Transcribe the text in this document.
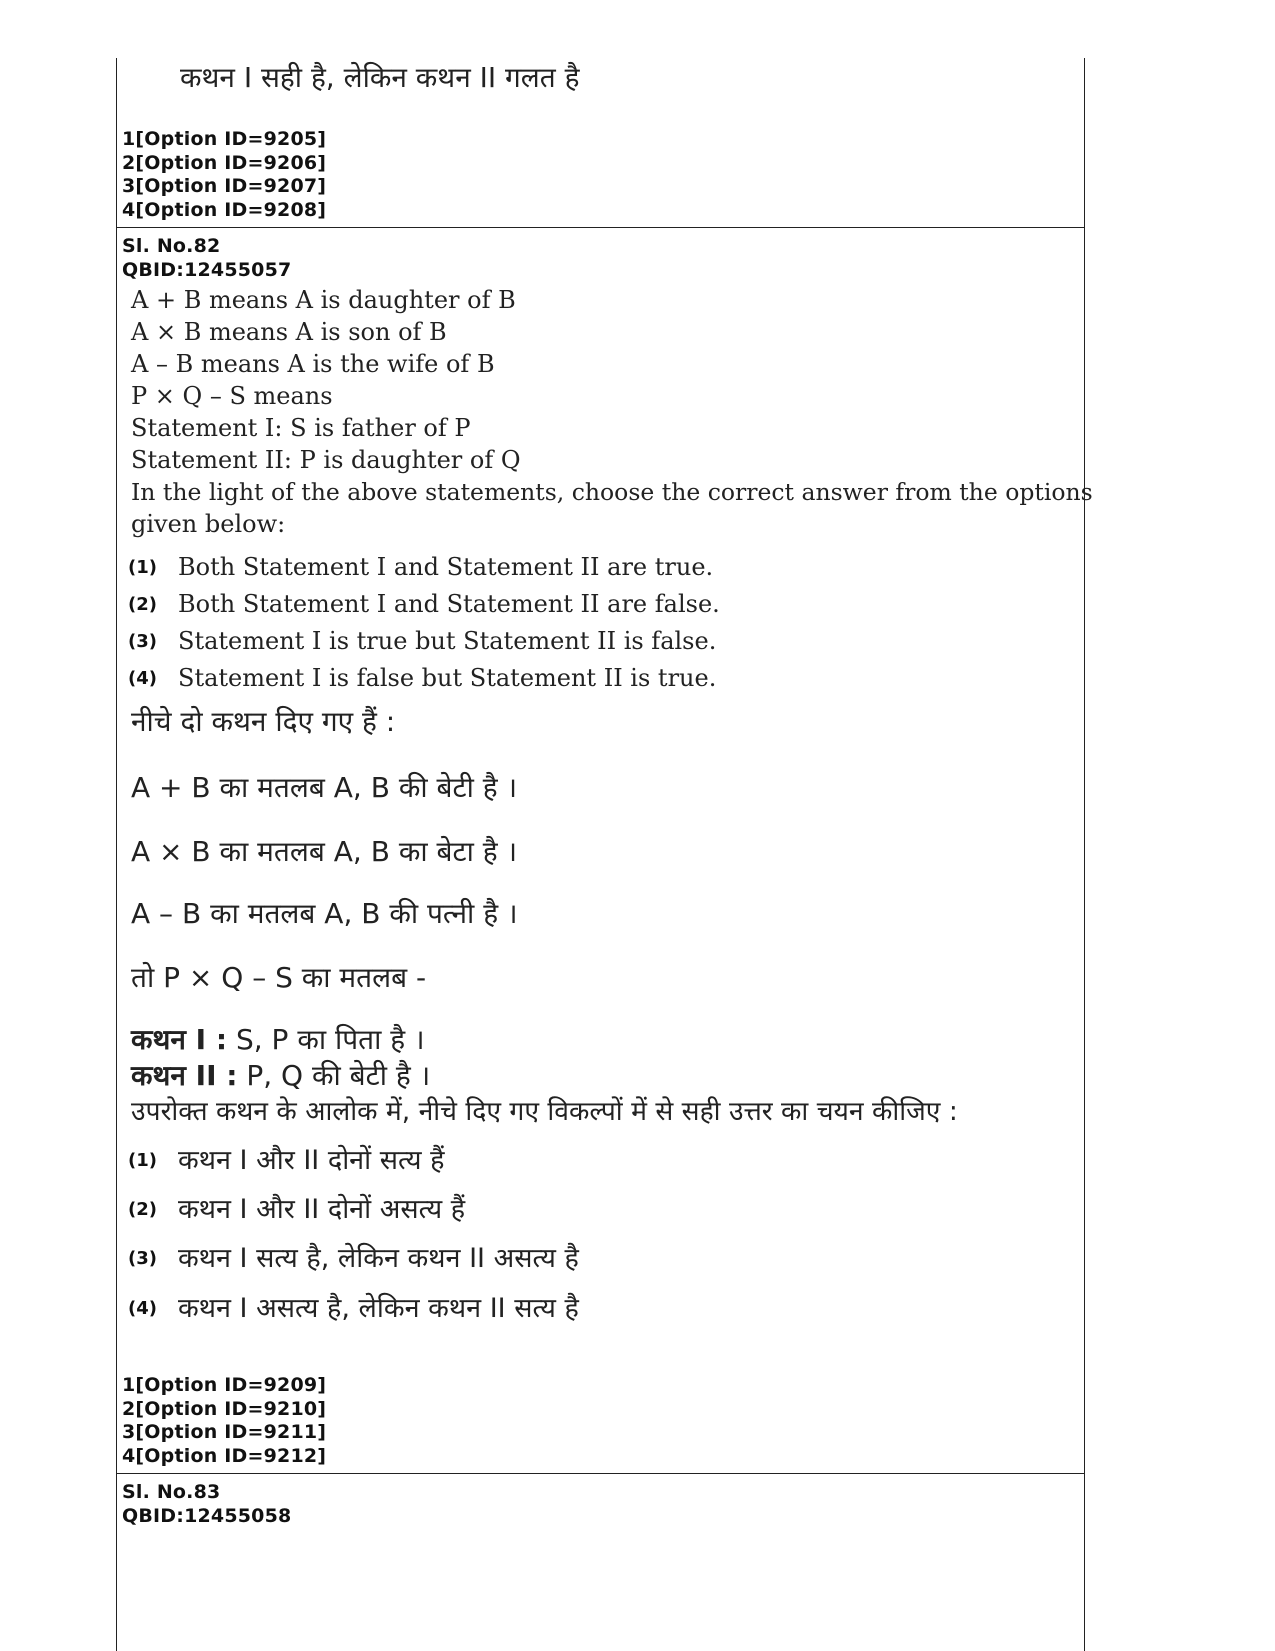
कथन I सही है, लेकिन कथन II गलत है
1[Option ID=9205]
2[Option ID=9206]
3[Option ID=9207]
4[Option ID=9208]
Sl. No.82
QBID:12455057
A + B means A is daughter of B
A × B means A is son of B
A – B means A is the wife of B
P × Q – S means
Statement I: S is father of P
Statement II: P is daughter of Q
In the light of the above statements, choose the correct answer from the options
given below:
(1) Both Statement I and Statement II are true.
(2) Both Statement I and Statement II are false.
(3) Statement I is true but Statement II is false.
(4) Statement I is false but Statement II is true.
नीचे दो कथन दिए गए हैं :
A + B का मतलब A, B की बेटी है ।
A × B का मतलब A, B का बेटा है ।
A – B का मतलब A, B की पत्नी है ।
तो P × Q – S का मतलब -
कथन I : S, P का पिता है ।
कथन II : P, Q की बेटी है ।
उपरोक्त कथन के आलोक में, नीचे दिए गए विकल्पों में से सही उत्तर का चयन कीजिए :
(1) कथन I और II दोनों सत्य हैं
(2) कथन I और II दोनों असत्य हैं
(3) कथन I सत्य है, लेकिन कथन II असत्य है
(4) कथन I असत्य है, लेकिन कथन II सत्य है
1[Option ID=9209]
2[Option ID=9210]
3[Option ID=9211]
4[Option ID=9212]
Sl. No.83
QBID:12455058
